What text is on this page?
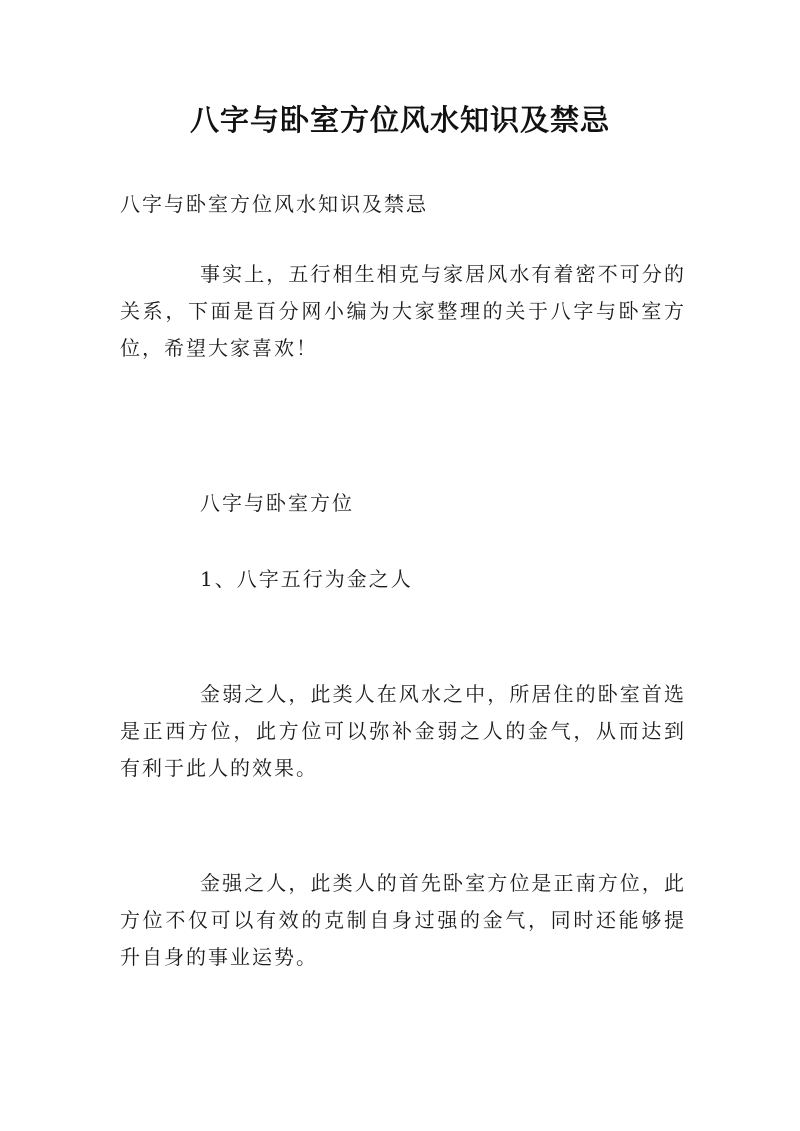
八字与卧室方位风水知识及禁忌

八字与卧室方位风水知识及禁忌

事实上，五行相生相克与家居风水有着密不可分的关系，下面是百分网小编为大家整理的关于八字与卧室方位，希望大家喜欢！

八字与卧室方位

1、八字五行为金之人

金弱之人，此类人在风水之中，所居住的卧室首选是正西方位，此方位可以弥补金弱之人的金气，从而达到有利于此人的效果。

金强之人，此类人的首先卧室方位是正南方位，此方位不仅可以有效的克制自身过强的金气，同时还能够提升自身的事业运势。
